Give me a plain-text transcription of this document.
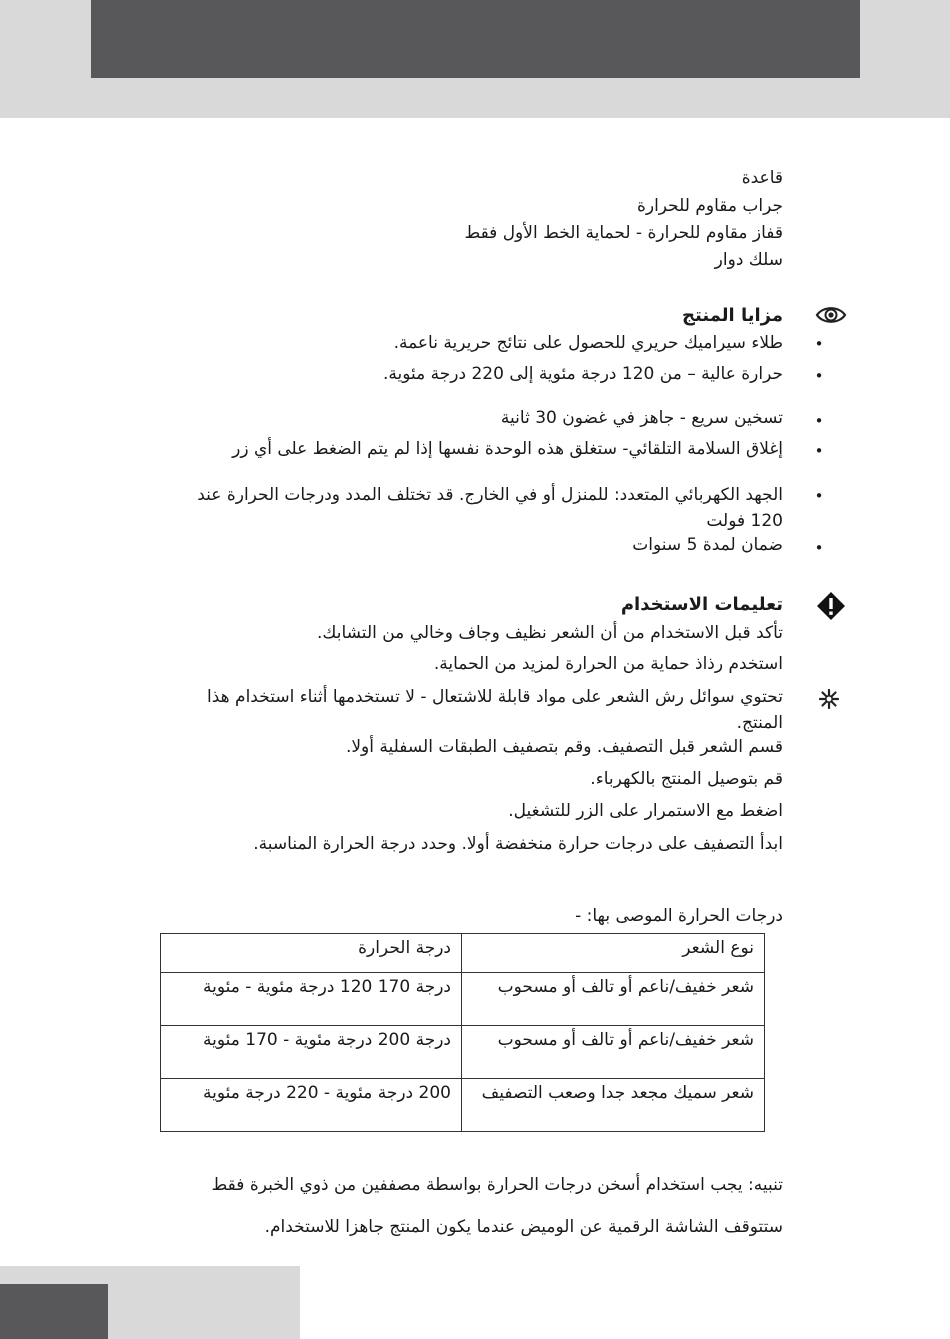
قاعدة
جراب مقاوم للحرارة
قفاز مقاوم للحرارة - لحماية الخط الأول فقط
سلك دوار
مزايا المنتج
•
طلاء سيراميك حريري للحصول على نتائج حريرية ناعمة.
•
حرارة عالية – من 120 درجة مئوية إلى 220 درجة مئوية.
•
تسخين سريع - جاهز في غضون 30 ثانية
•
إغلاق السلامة التلقائي- ستغلق هذه الوحدة نفسها إذا لم يتم الضغط على أي زر
•
الجهد الكهربائي المتعدد: للمنزل أو في الخارج. قد تختلف المدد ودرجات الحرارة عند 120 فولت
•
ضمان لمدة 5 سنوات
تعليمات الاستخدام
تأكد قبل الاستخدام من أن الشعر نظيف وجاف وخالي من التشابك.
استخدم رذاذ حماية من الحرارة لمزيد من الحماية.
تحتوي سوائل رش الشعر على مواد قابلة للاشتعال - لا تستخدمها أثناء استخدام هذا المنتج.
قسم الشعر قبل التصفيف. وقم بتصفيف الطبقات السفلية أولا.
قم بتوصيل المنتج بالكهرباء.
اضغط مع الاستمرار على الزر للتشغيل.
ابدأ التصفيف على درجات حرارة منخفضة أولا. وحدد درجة الحرارة المناسبة.
درجات الحرارة الموصى بها: -
نوع الشعر	درجة الحرارة
شعر خفيف/ناعم أو تالف أو مسحوب	درجة 170 120 درجة مئوية - مئوية
شعر خفيف/ناعم أو تالف أو مسحوب	درجة 200 درجة مئوية - 170 مئوية
شعر سميك مجعد جدا وصعب التصفيف	200 درجة مئوية - 220 درجة مئوية
تنبيه: يجب استخدام أسخن درجات الحرارة بواسطة مصففين من ذوي الخبرة فقط
ستتوقف الشاشة الرقمية عن الوميض عندما يكون المنتج جاهزا للاستخدام.
